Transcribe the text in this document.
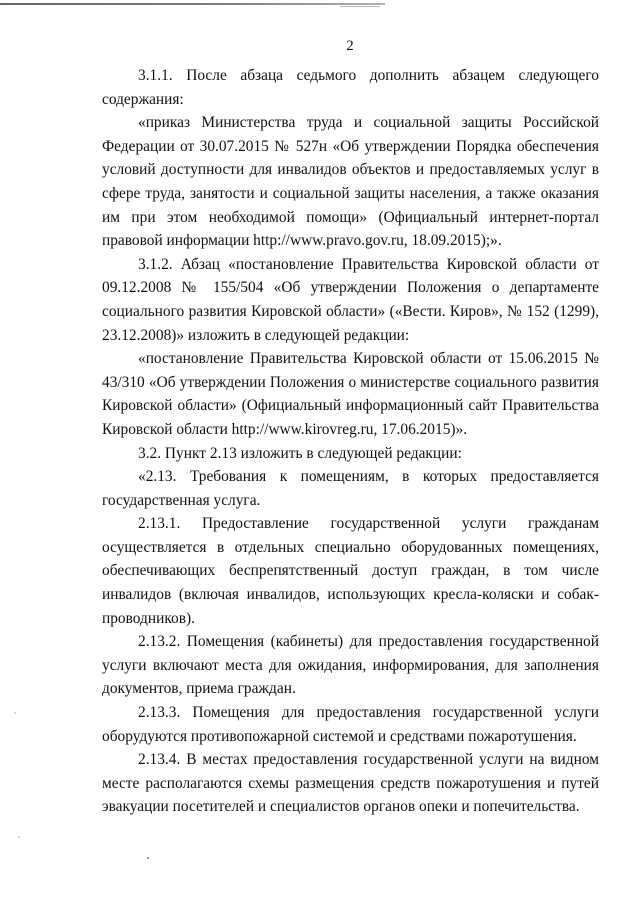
2

3.1.1. После абзаца седьмого дополнить абзацем следующего содержания:

«приказ Министерства труда и социальной защиты Российской Федерации от 30.07.2015 № 527н «Об утверждении Порядка обеспечения условий доступности для инвалидов объектов и предоставляемых услуг в сфере труда, занятости и социальной защиты населения, а также оказания им при этом необходимой помощи» (Официальный интернет-портал правовой информации http://www.pravo.gov.ru, 18.09.2015);».

3.1.2. Абзац «постановление Правительства Кировской области от 09.12.2008 № 155/504 «Об утверждении Положения о департаменте социального развития Кировской области» («Вести. Киров», № 152 (1299), 23.12.2008)» изложить в следующей редакции:

«постановление Правительства Кировской области от 15.06.2015 № 43/310 «Об утверждении Положения о министерстве социального развития Кировской области» (Официальный информационный сайт Правительства Кировской области http://www.kirovreg.ru, 17.06.2015)».

3.2. Пункт 2.13 изложить в следующей редакции:

«2.13. Требования к помещениям, в которых предоставляется государственная услуга.

2.13.1. Предоставление государственной услуги гражданам осуществляется в отдельных специально оборудованных помещениях, обеспечивающих беспрепятственный доступ граждан, в том числе инвалидов (включая инвалидов, использующих кресла-коляски и собак-проводников).

2.13.2. Помещения (кабинеты) для предоставления государственной услуги включают места для ожидания, информирования, для заполнения документов, приема граждан.

2.13.3. Помещения для предоставления государственной услуги оборудуются противопожарной системой и средствами пожаротушения.

2.13.4. В местах предоставления государственной услуги на видном месте располагаются схемы размещения средств пожаротушения и путей эвакуации посетителей и специалистов органов опеки и попечительства.
